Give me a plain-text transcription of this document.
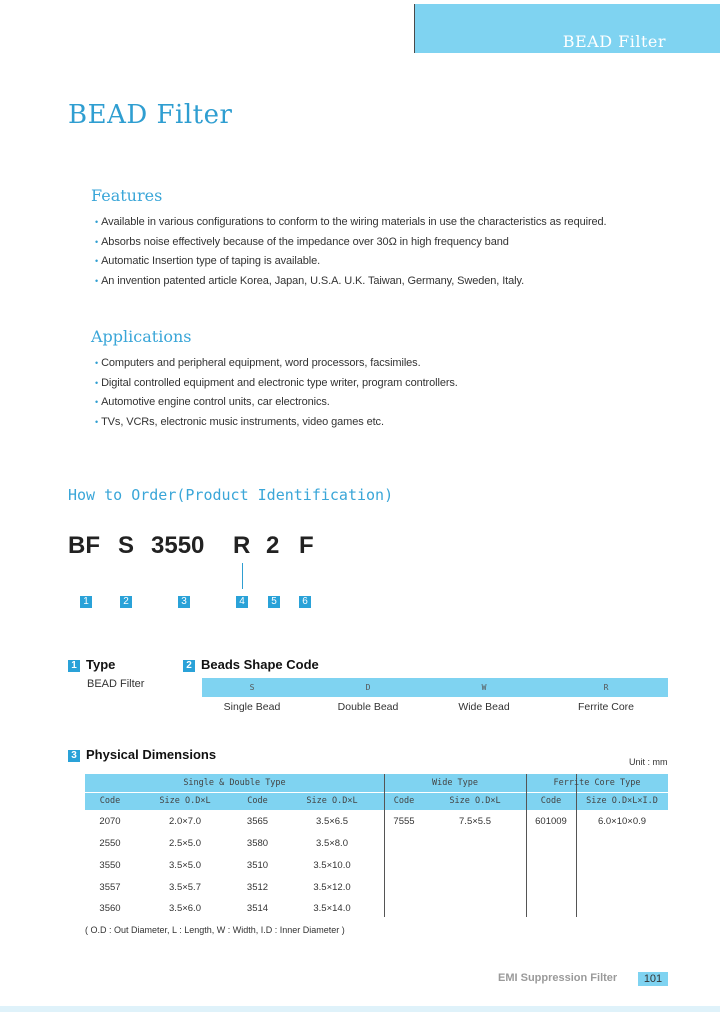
BEAD Filter
BEAD Filter
Features
• Available in various configurations to conform to the wiring materials in use the characteristics as required.
• Absorbs noise effectively because of the impedance over 30Ω in high frequency band
• Automatic Insertion type of taping is available.
• An invention patented article Korea, Japan, U.S.A. U.K. Taiwan, Germany, Sweden, Italy.
Applications
• Computers and peripheral equipment, word processors, facsimiles.
• Digital controlled equipment and electronic type writer, program controllers.
• Automotive engine control units, car electronics.
• TVs, VCRs, electronic music instruments, video games etc.
How to Order(Product Identification)
BF S 3550 R 2 F
1	2	3	4	5	6
1 Type
BEAD Filter
2 Beads Shape Code
S	D	W	R
Single Bead	Double Bead	Wide Bead	Ferrite Core
3 Physical Dimensions	Unit : mm
Single & Double Type	Wide Type	Ferrite Core Type
Code	Size O.D×L	Code	Size O.D×L	Code	Size O.D×L	Code	Size O.D×L×I.D
2070	2.0×7.0	3565	3.5×6.5	7555	7.5×5.5	601009	6.0×10×0.9
2550	2.5×5.0	3580	3.5×8.0
3550	3.5×5.0	3510	3.5×10.0
3557	3.5×5.7	3512	3.5×12.0
3560	3.5×6.0	3514	3.5×14.0
( O.D : Out Diameter, L : Length, W : Width, I.D : Inner Diameter )
EMI Suppression Filter	101
